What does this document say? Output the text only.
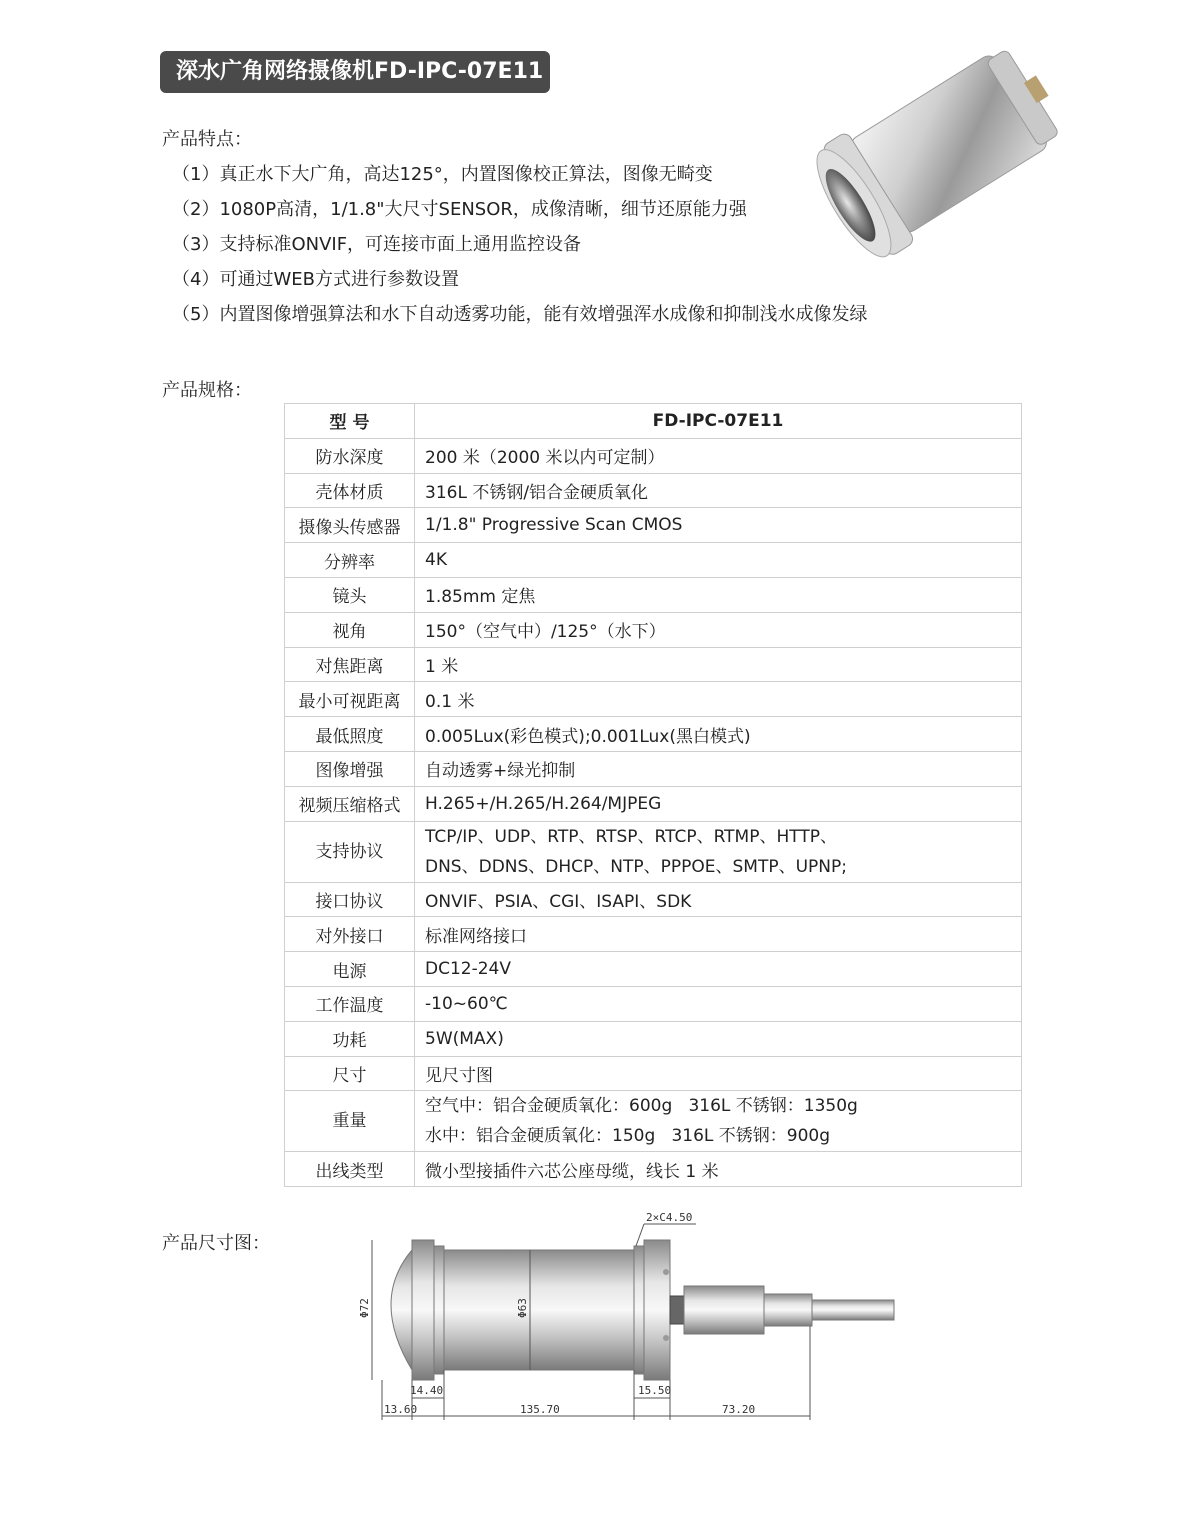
深水广角网络摄像机FD-IPC-07E11
产品特点：
（1）真正水下大广角，高达125°，内置图像校正算法，图像无畸变
（2）1080P高清，1/1.8"大尺寸SENSOR，成像清晰，细节还原能力强
（3）支持标准ONVIF，可连接市面上通用监控设备
（4）可通过WEB方式进行参数设置
（5）内置图像增强算法和水下自动透雾功能，能有效增强浑水成像和抑制浅水成像发绿
产品规格：
型 号	FD-IPC-07E11
防水深度	200 米（2000 米以内可定制）
壳体材质	316L 不锈钢/铝合金硬质氧化
摄像头传感器	1/1.8" Progressive Scan CMOS
分辨率	4K
镜头	1.85mm 定焦
视角	150°（空气中）/125°（水下）
对焦距离	1 米
最小可视距离	0.1 米
最低照度	0.005Lux(彩色模式);0.001Lux(黑白模式)
图像增强	自动透雾+绿光抑制
视频压缩格式	H.265+/H.265/H.264/MJPEG
支持协议	TCP/IP、UDP、RTP、RTSP、RTCP、RTMP、HTTP、
DNS、DDNS、DHCP、NTP、PPPOE、SMTP、UPNP;

接口协议	ONVIF、PSIA、CGI、ISAPI、SDK
对外接口	标准网络接口
电源	DC12-24V
工作温度	-10~60℃
功耗	5W(MAX)
尺寸	见尺寸图
重量	空气中：铝合金硬质氧化：600g   316L 不锈钢：1350g
水中：铝合金硬质氧化：150g   316L 不锈钢：900g

出线类型	微小型接插件六芯公座母缆，线长 1 米
产品尺寸图：
Φ72	Φ63
2×C4.50
14.40	15.50
13.60	135.70	73.20
